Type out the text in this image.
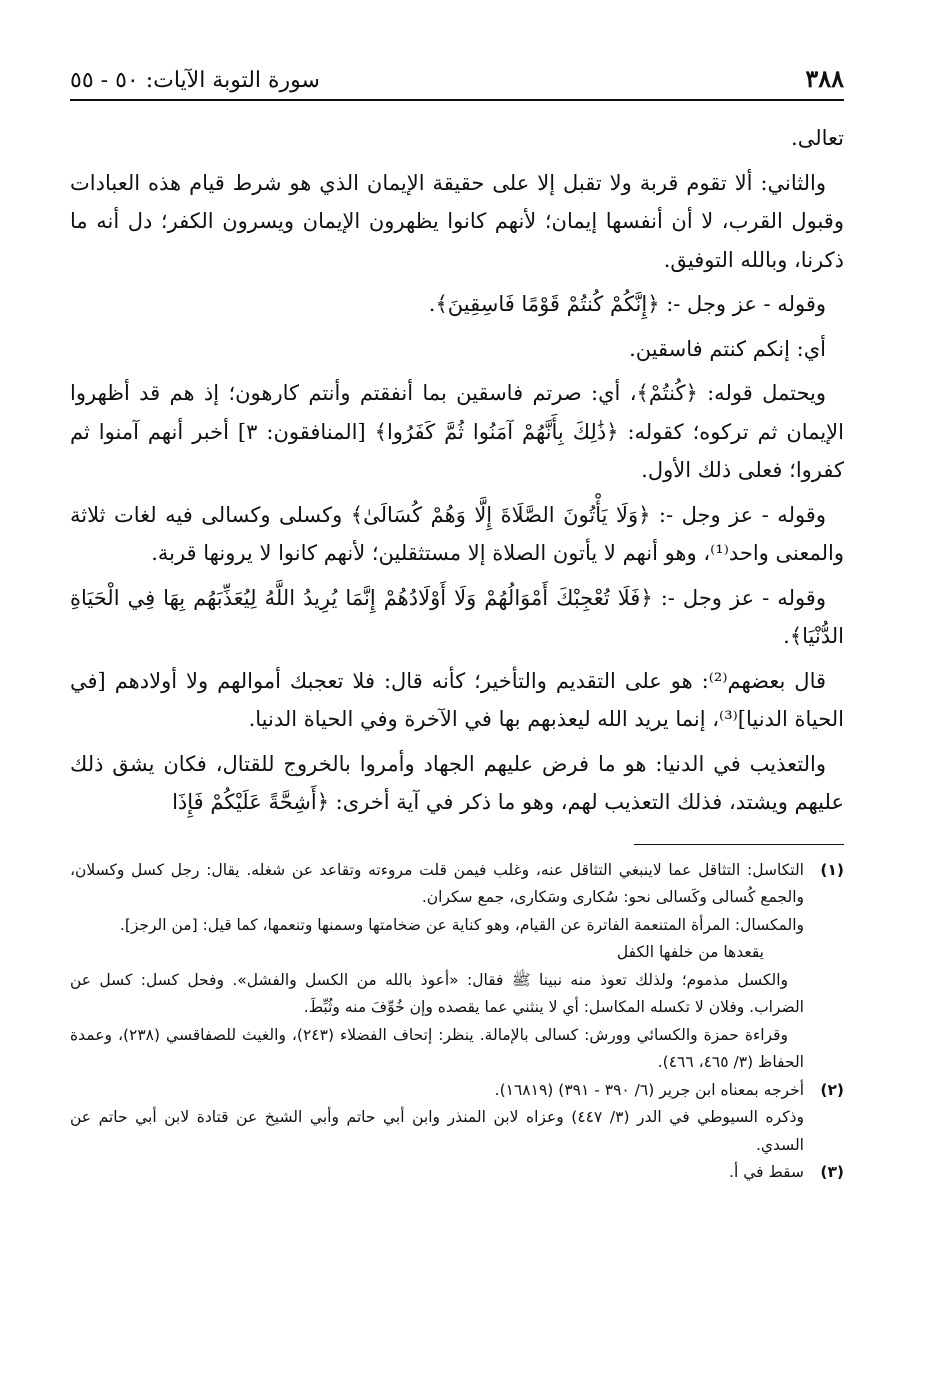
٣٨٨
سورة التوبة الآيات: ٥٠ - ٥٥

تعالى.

والثاني: ألا تقوم قربة ولا تقبل إلا على حقيقة الإيمان الذي هو شرط قيام هذه العبادات وقبول القرب، لا أن أنفسها إيمان؛ لأنهم كانوا يظهرون الإيمان ويسرون الكفر؛ دل أنه ما ذكرنا، وبالله التوفيق.

وقوله - عز وجل -: ﴿إِنَّكُمْ كُنتُمْ قَوْمًا فَاسِقِينَ﴾.

أي: إنكم كنتم فاسقين.

ويحتمل قوله: ﴿كُنتُمْ﴾، أي: صرتم فاسقين بما أنفقتم وأنتم كارهون؛ إذ هم قد أظهروا الإيمان ثم تركوه؛ كقوله: ﴿ذَٰلِكَ بِأَنَّهُمْ آمَنُوا ثُمَّ كَفَرُوا﴾ [المنافقون: ٣] أخبر أنهم آمنوا ثم كفروا؛ فعلى ذلك الأول.

وقوله - عز وجل -: ﴿وَلَا يَأْتُونَ الصَّلَاةَ إِلَّا وَهُمْ كُسَالَىٰ﴾ وكسلى وكسالى فيه لغات ثلاثة والمعنى واحد⁽¹⁾، وهو أنهم لا يأتون الصلاة إلا مستثقلين؛ لأنهم كانوا لا يرونها قربة.

وقوله - عز وجل -: ﴿فَلَا تُعْجِبْكَ أَمْوَالُهُمْ وَلَا أَوْلَادُهُمْ إِنَّمَا يُرِيدُ اللَّهُ لِيُعَذِّبَهُم بِهَا فِي الْحَيَاةِ الدُّنْيَا﴾.

قال بعضهم⁽²⁾: هو على التقديم والتأخير؛ كأنه قال: فلا تعجبك أموالهم ولا أولادهم [في الحياة الدنيا]⁽³⁾، إنما يريد الله ليعذبهم بها في الآخرة وفي الحياة الدنيا.

والتعذيب في الدنيا: هو ما فرض عليهم الجهاد وأمروا بالخروج للقتال، فكان يشق ذلك عليهم ويشتد، فذلك التعذيب لهم، وهو ما ذكر في آية أخرى: ﴿أَشِحَّةً عَلَيْكُمْ فَإِذَا

(١)

التكاسل: التثاقل عما لاينبغي التثاقل عنه، وغلب فيمن قلت مروءته وتقاعد عن شغله. يقال: رجل كسل وكسلان، والجمع كُسالى وكَسالى نحو: سُكارى وسَكارى، جمع سكران.

والمكسال: المرأة المتنعمة الفاترة عن القيام، وهو كناية عن ضخامتها وسمنها وتنعمها، كما قيل: [من الرجز].

يقعدها من خلفها الكفل

والكسل مذموم؛ ولذلك تعوذ منه نبينا ﷺ فقال: «أعوذ بالله من الكسل والفشل». وفحل كسل: كسل عن الضراب. وفلان لا تكسله المكاسل: أي لا ينثني عما يقصده وإن خُوِّفَ منه وثُبِّطَ.

وقراءة حمزة والكسائي وورش: كسالى بالإمالة. ينظر: إتحاف الفضلاء (٢٤٣)، والغيث للصفاقسي (٢٣٨)، وعمدة الحفاظ (٣/ ٤٦٥، ٤٦٦).

(٢)

أخرجه بمعناه ابن جرير (٦/ ٣٩٠ - ٣٩١) (١٦٨١٩).

وذكره السيوطي في الدر (٣/ ٤٤٧) وعزاه لابن المنذر وابن أبي حاتم وأبي الشيخ عن قتادة لابن أبي حاتم عن السدي.

(٣)

سقط في أ.
